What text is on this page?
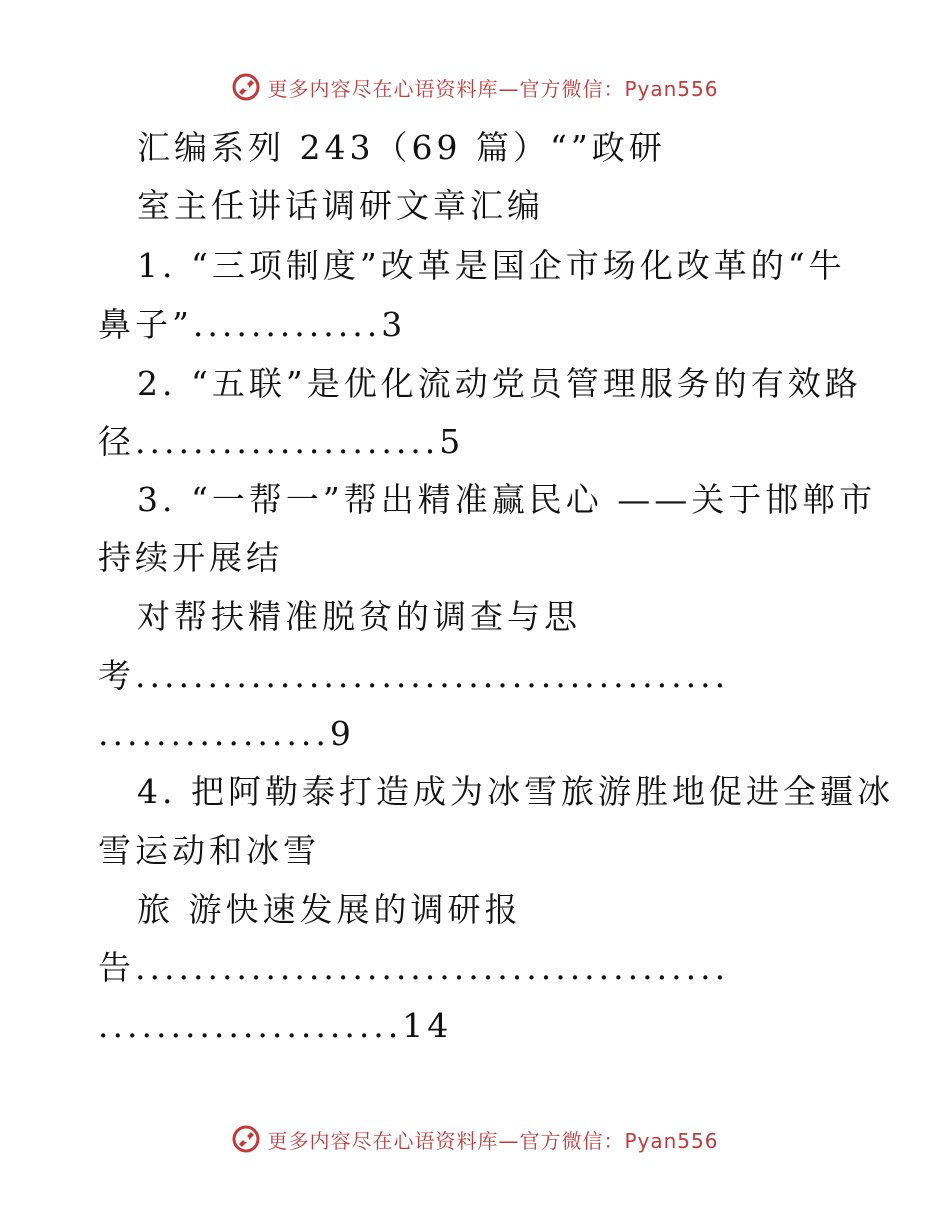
更多内容尽在心语资料库—官方微信：Pyan556
汇编系列 243（69 篇）“”政研
室主任讲话调研文章汇编
1. “三项制度”改革是国企市场化改革的“牛
鼻子”.............3
2. “五联”是优化流动党员管理服务的有效路
径.....................5
3. “一帮一”帮出精准赢民心 ——关于邯郸市
持续开展结
对帮扶精准脱贫的调查与思
考.........................................
................9
4. 把阿勒泰打造成为冰雪旅游胜地促进全疆冰
雪运动和冰雪
旅 游快速发展的调研报
告.........................................
.....................14
更多内容尽在心语资料库—官方微信：Pyan556
